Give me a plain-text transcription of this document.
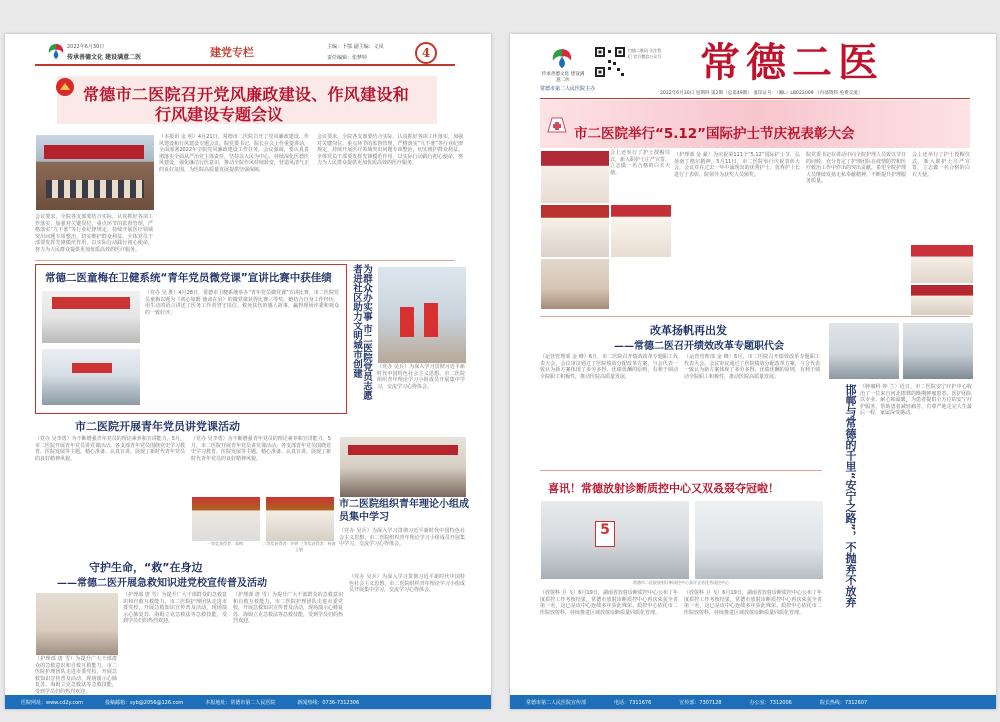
2022年6月30日
传承善德文化 建设满意二医	建党专栏	主编：卜鄂 副主编：文凤
责任编辑：张梦婷	4
常德市二医院召开党风廉政建设、作风建设和
行风建设专题会议
（本报讯 金 明）4月21日，常德市二医院召开了党风廉政建设、作风建设和行风建设专题会议。院党委书记、院长在会上作重要讲话，全面部署2022年全院党风廉政建设工作任务。会议强调，要认真贯彻落实全面从严治党主体责任，坚持以人民为中心，持续深化医德医风建设，强化廉洁行医意识，推动全院作风持续转变，营造风清气正的良好氛围，为医院高质量发展提供坚强保障。
会议要求，全院各支部要结合实际，认真抓好各项工作落实，加强对关键岗位、重点环节的监督管理，严格落实“九不准”等行业纪律规定，持续开展医疗领域突出问题专项整治，切实维护群众利益。全体党员干部要发挥先锋模范作用，以实际行动践行初心使命，努力为人民群众提供更加优质高效的医疗服务。
会议要求，全院各支部要结合实际，认真抓好各项工作落实，加强对关键岗位、重点环节的监督管理，严格落实“九不准”等行业纪律规定，持续开展医疗领域突出问题专项整治，切实维护群众利益。全体党员干部要发挥先锋模范作用，以实际行动践行初心使命，努力为人民群众提供更加优质高效的医疗服务。
常德二医童梅在卫健系统“青年党员微党课”宣讲比赛中获佳绩
（党办 吴 胜）4月28日，常德市卫健系统举办“青年党员微党课”宣讲比赛，市二医院党员童梅以题为《初心如磐 使命在肩》的微党课获得比赛三等奖。她结合自身工作经历，用生动的语言讲述了医务工作者坚守岗位、救死扶伤的感人故事，赢得现场评委和观众的一致好评。	为群众办实事 市二医院党员志愿者进社区助力文明城市创建	（党办 吴兵）为深入学习贯彻习近平新时代中国特色社会主义思想，市二医院组织青年理论学习小组成员开展集中学习，交流学习心得体会。
市二医院开展青年党员讲党课活动
（党办 吴李勇）为不断增强青年党员的理论素养和宣讲能力，5月，市二医院开展青年党员讲党课活动。各支部青年党员围绕党史学习教育、医院发展等主题，精心准备、认真宣讲，展现了新时代青年党员的良好精神风貌。
（党办 吴李勇）为不断增强青年党员的理论素养和宣讲能力，5月，市二医院开展青年党员讲党课活动。各支部青年党员围绕党史学习教育、医院发展等主题，精心准备、认真宣讲，展现了新时代青年党员的良好精神风貌。
一等奖获得者：章梅	二等奖获得者：许婷 三等奖获得者：杨海 王敏
市二医院组织青年理论小组成员集中学习
（党办 吴兵）为深入学习贯彻习近平新时代中国特色社会主义思想，市二医院组织青年理论学习小组成员开展集中学习，交流学习心得体会。
守护生命，“救”在身边
——常德二医开展急救知识进党校宣传普及活动
（护理部 唐 雪）为提升广大干部群众的急救意识和自救互救能力，市二医院护理团队走进市委党校，开展急救知识宣传普及活动，现场演示心肺复苏、海姆立克急救法等急救技能，受到学员们的热烈欢迎。
（护理部 唐 雪）为提升广大干部群众的急救意识和自救互救能力，市二医院护理团队走进市委党校，开展急救知识宣传普及活动，现场演示心肺复苏、海姆立克急救法等急救技能，受到学员们的热烈欢迎。
（党办 吴兵）为深入学习贯彻习近平新时代中国特色社会主义思想，市二医院组织青年理论学习小组成员开展集中学习，交流学习心得体会。
（护理部 唐 雪）为提升广大干部群众的急救意识和自救互救能力，市二医院护理团队走进市委党校，开展急救知识宣传普及活动，现场演示心肺复苏、海姆立克急救法等急救技能，受到学员们的热烈欢迎。
医院网址：www.cd2y.com	投稿邮箱：syb@2056@126.com	本报地址：常德市第二人民医院	新闻热线：0736-7312306
传承善德文化 建设满意二医
常德市第二人民医院主办
扫描二维码 关注我们 官方微信公众号 常德二医
2022年6月30日 星期四 第2期（总第49期） 准印证号：（湘L）LB022009 （内部资料 免费交流）
市二医院举行“5.12”国际护士节庆祝表彰大会
（护理部 金 豪）为庆祝第111个“5.12”国际护士节，弘扬南丁格尔精神，5月11日，市二医院举行庆祝表彰大会。会议对在过去一年中涌现出的优秀护士、优秀护士长进行了表彰，院领导为获奖人员颁奖。
院党委书记在讲话中向全院护理人员致以节日的问候，充分肯定了护理团队在疫情防控和医疗救治工作中作出的突出贡献，希望全院护理人员继续发扬无私奉献精神，不断提升护理服务质量。
会上还举行了护士授帽仪式，新入职护士庄严宣誓，立志做一名合格的白衣天使。
会上还举行了护士授帽仪式，新入职护士庄严宣誓，立志做一名合格的白衣天使。
改革扬帆再出发
——常德二医召开绩效改革专题职代会
（运营管理部 金 峰）6月，市二医院召开绩效改革专题职工代表大会。会议审议通过了医院绩效分配改革方案，与会代表一致认为新方案体现了多劳多得、优绩优酬的原则，有利于调动全院职工积极性，推动医院高质量发展。
（运营管理部 金 峰）6月，市二医院召开绩效改革专题职工代表大会。会议审议通过了医院绩效分配改革方案，与会代表一致认为新方案体现了多劳多得、优绩优酬的原则，有利于调动全院职工积极性，推动医院高质量发展。
邯郸与常德的千里“安宁之路”，不抛弃不放弃 （肿瘤科 钟 兰）近日，市二医院安宁疗护中心收治了一位来自河北邯郸的晚期肿瘤患者。医护团队以专业、耐心和温暖，为患者提供全方位的安宁疗护服务，帮助患者减轻痛苦、有尊严地走完人生最后一程，家属深受感动。
喜讯！常德放射诊断质控中心又双叒叕夺冠啦！
5
常德市二医院放射诊断质控中心获评全省优秀质控中心
（放射科 卫 飞）6月19日，湖南省放射诊断质控中心公布了年度质控工作考核结果，常德市放射诊断质控中心再次荣获全省第一名，这已是该中心连续多年获此殊荣。质控中心依托市二医院放射科，持续推进区域放射诊断质量同质化管理。
（放射科 卫 飞）6月19日，湖南省放射诊断质控中心公布了年度质控工作考核结果，常德市放射诊断质控中心再次荣获全省第一名，这已是该中心连续多年获此殊荣。质控中心依托市二医院放射科，持续推进区域放射诊断质量同质化管理。
常德市第二人民医院宣传部	电话：7311676	宣传部：7307128	办公室：7312006	院长热线：7312607
